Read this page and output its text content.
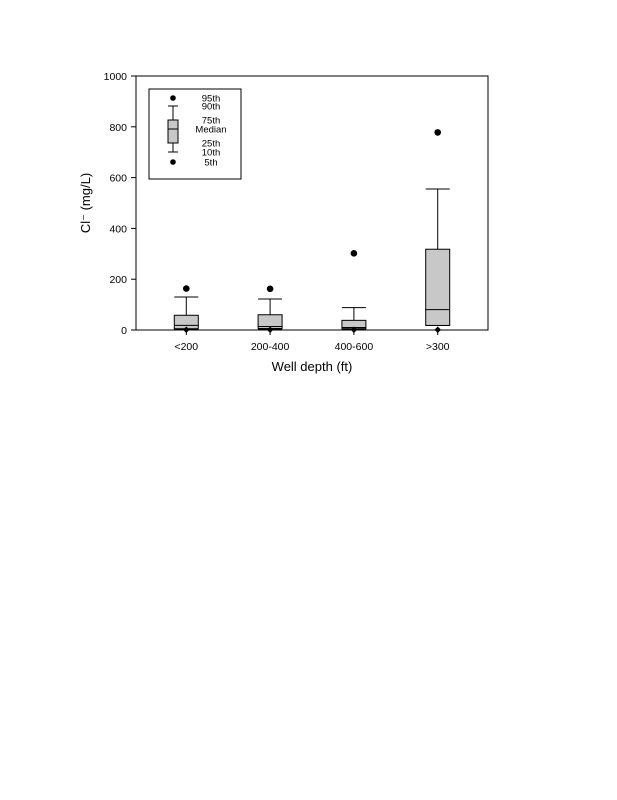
0
200
400
600
800
1000
<200	200-400	400-600	>300
Well depth (ft)
Cl⁻ (mg/L)
95th
90th
75th
Median
25th
10th
5th
